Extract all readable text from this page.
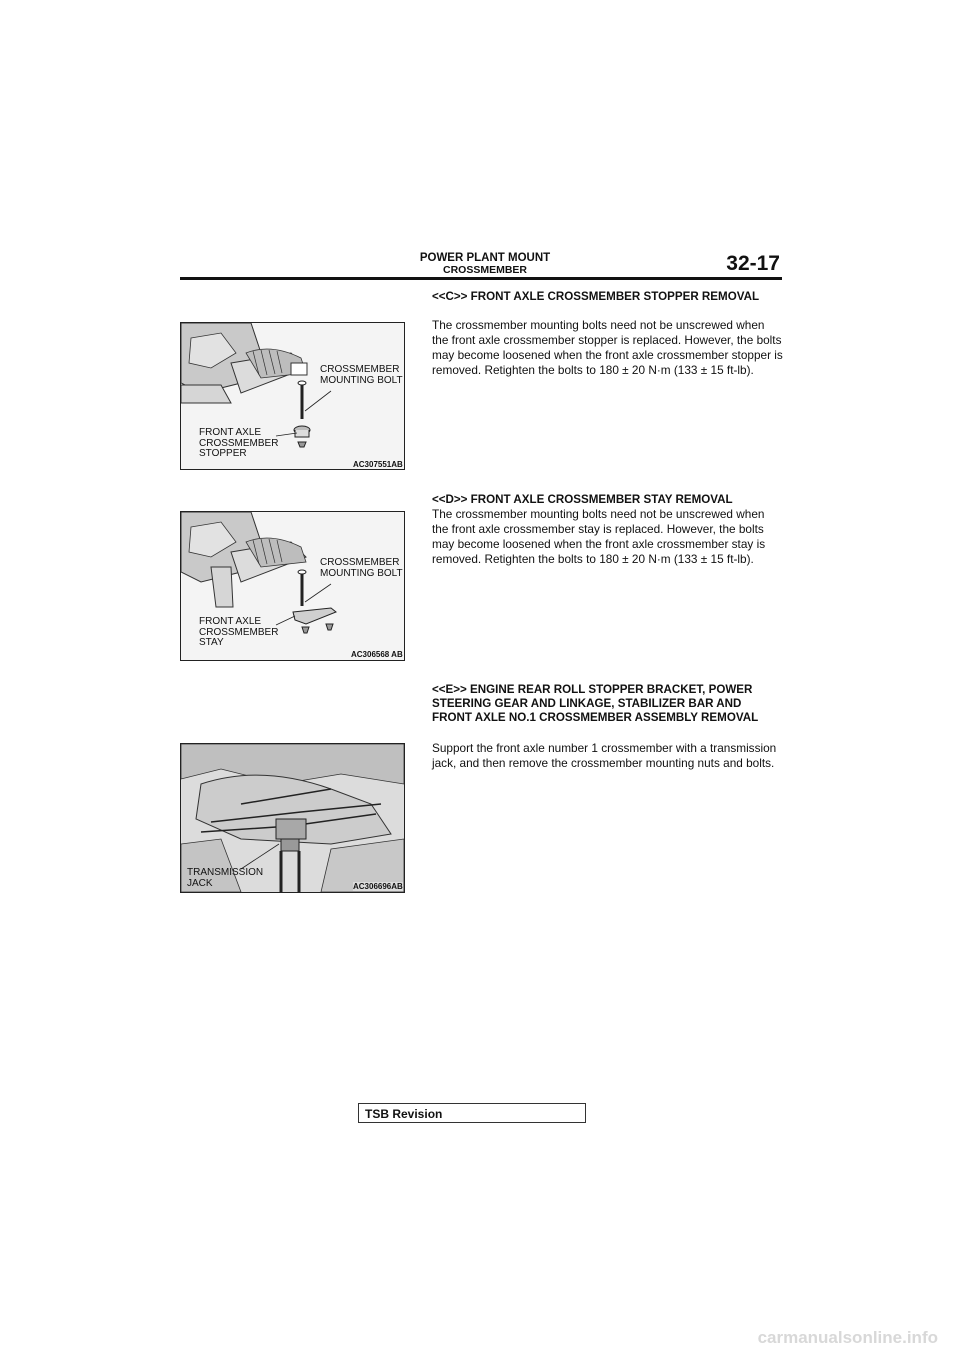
POWER PLANT MOUNT
CROSSMEMBER	32-17
<<C>> FRONT AXLE CROSSMEMBER STOPPER REMOVAL
The crossmember mounting bolts need not be unscrewed when the front axle crossmember stopper is replaced. However, the bolts may become loosened when the front axle crossmember stopper is removed. Retighten the bolts to 180 ± 20 N·m (133 ± 15 ft-lb).
CROSSMEMBER
MOUNTING BOLT
FRONT AXLE
CROSSMEMBER
STOPPER
AC307551AB
<<D>> FRONT AXLE CROSSMEMBER STAY REMOVAL
The crossmember mounting bolts need not be unscrewed when the front axle crossmember stay is replaced. However, the bolts may become loosened when the front axle crossmember stay is removed. Retighten the bolts to 180 ± 20 N·m (133 ± 15 ft-lb).
CROSSMEMBER
MOUNTING BOLT
FRONT AXLE
CROSSMEMBER
STAY
AC306568 AB
<<E>> ENGINE REAR ROLL STOPPER BRACKET, POWER STEERING GEAR AND LINKAGE, STABILIZER BAR AND FRONT AXLE NO.1 CROSSMEMBER ASSEMBLY REMOVAL
Support the front axle number 1 crossmember with a transmission jack, and then remove the crossmember mounting nuts and bolts.
TRANSMISSION
JACK	AC306696AB
TSB Revision
carmanualsonline.info
